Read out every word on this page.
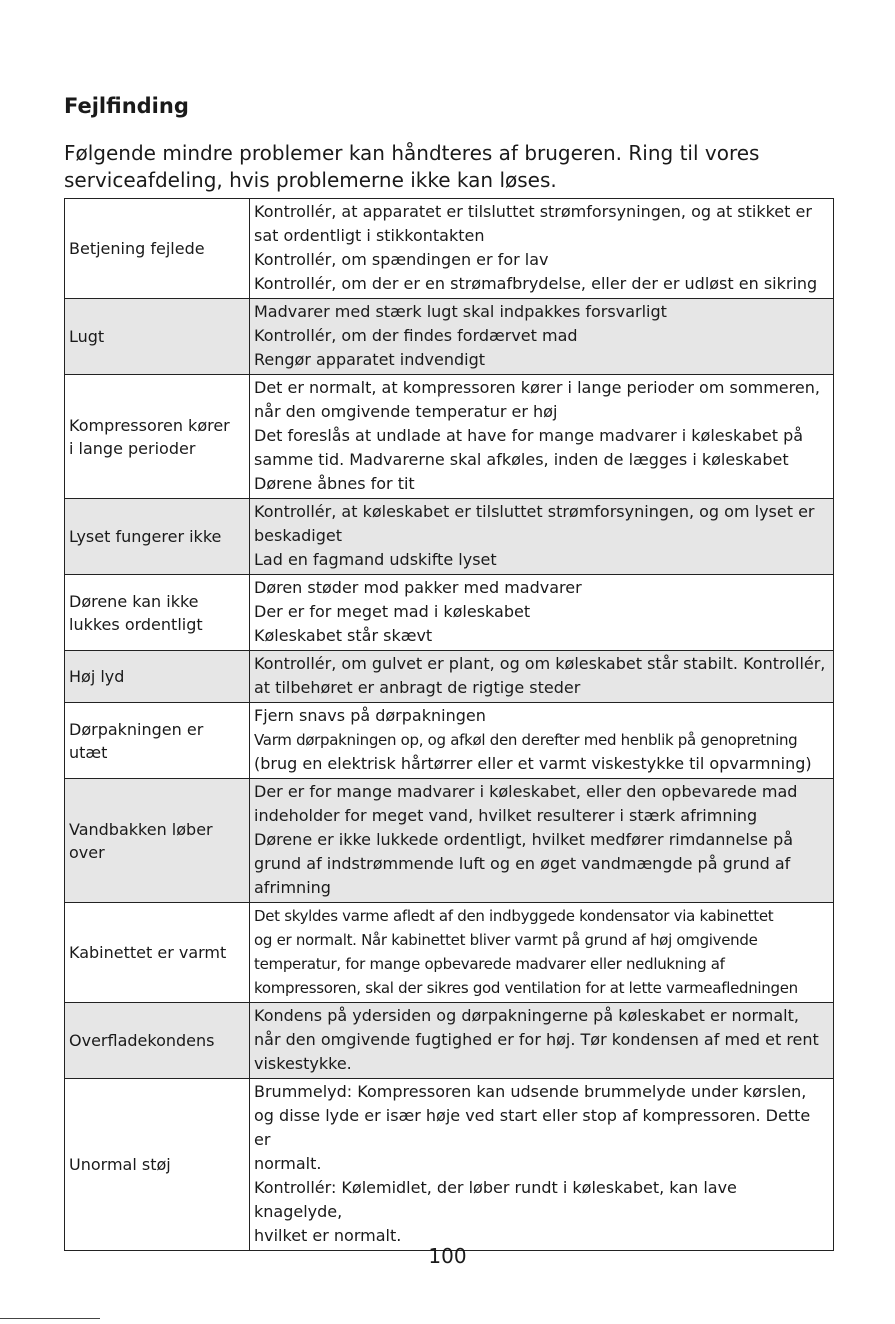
Fejlfinding

Følgende mindre problemer kan håndteres af brugeren. Ring til vores serviceafdeling, hvis problemerne ikke kan løses.

Betjening fejlede	Kontrollér, at apparatet er tilsluttet strømforsyningen, og at stikket er
sat ordentligt i stikkontakten
Kontrollér, om spændingen er for lav
Kontrollér, om der er en strømafbrydelse, eller der er udløst en sikring

Lugt	Madvarer med stærk lugt skal indpakkes forsvarligt
Kontrollér, om der findes fordærvet mad
Rengør apparatet indvendigt

Kompressoren kører
i lange perioder	Det er normalt, at kompressoren kører i lange perioder om sommeren,
når den omgivende temperatur er høj
Det foreslås at undlade at have for mange madvarer i køleskabet på
samme tid. Madvarerne skal afkøles, inden de lægges i køleskabet
Dørene åbnes for tit

Lyset fungerer ikke	Kontrollér, at køleskabet er tilsluttet strømforsyningen, og om lyset er
beskadiget
Lad en fagmand udskifte lyset

Dørene kan ikke
lukkes ordentligt	Døren støder mod pakker med madvarer
Der er for meget mad i køleskabet
Køleskabet står skævt

Høj lyd	Kontrollér, om gulvet er plant, og om køleskabet står stabilt. Kontrollér,
at tilbehøret er anbragt de rigtige steder

Dørpakningen er
utæt	Fjern snavs på dørpakningen
Varm dørpakningen op, og afkøl den derefter med henblik på genopretning
(brug en elektrisk hårtørrer eller et varmt viskestykke til opvarmning)

Vandbakken løber
over	Der er for mange madvarer i køleskabet, eller den opbevarede mad
indeholder for meget vand, hvilket resulterer i stærk afrimning
Dørene er ikke lukkede ordentligt, hvilket medfører rimdannelse på
grund af indstrømmende luft og en øget vandmængde på grund af
afrimning

Kabinettet er varmt	Det skyldes varme afledt af den indbyggede kondensator via kabinettet
og er normalt. Når kabinettet bliver varmt på grund af høj omgivende
temperatur, for mange opbevarede madvarer eller nedlukning af
kompressoren, skal der sikres god ventilation for at lette varmeafledningen

Overfladekondens	Kondens på ydersiden og dørpakningerne på køleskabet er normalt,
når den omgivende fugtighed er for høj. Tør kondensen af med et rent
viskestykke.

Unormal støj	Brummelyd: Kompressoren kan udsende brummelyde under kørslen,
og disse lyde er især høje ved start eller stop af kompressoren. Dette er
normalt.
Kontrollér: Kølemidlet, der løber rundt i køleskabet, kan lave knagelyde,
hvilket er normalt.
100
